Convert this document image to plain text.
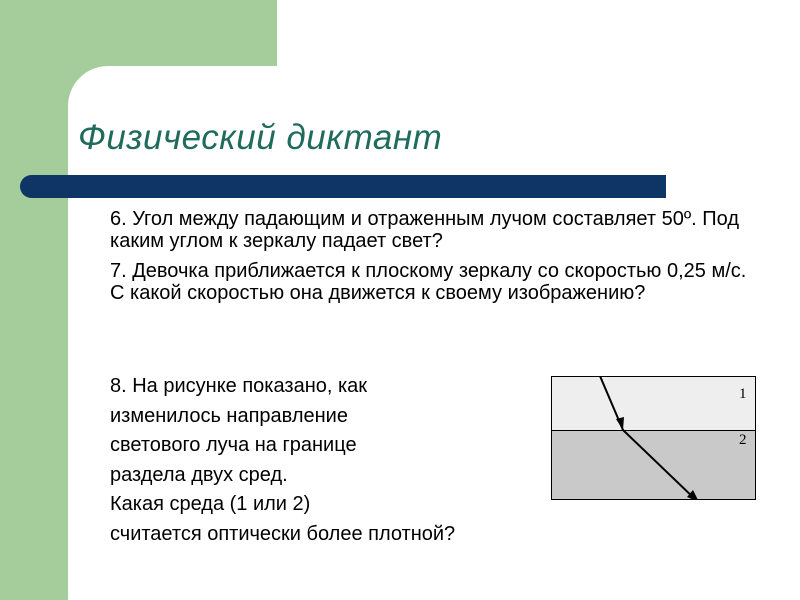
Физический диктант

6. Угол между падающим и отраженным лучом составляет 50º. Под каким углом к зеркалу падает свет?

7. Девочка приближается к плоскому зеркалу со скоростью 0,25 м/с. С какой скоростью она движется к своему изображению?

8. На рисунке показано, как
изменилось направление
светового луча на границе
раздела двух сред.
Какая среда (1 или 2)
считается оптически более плотной?
1
2
